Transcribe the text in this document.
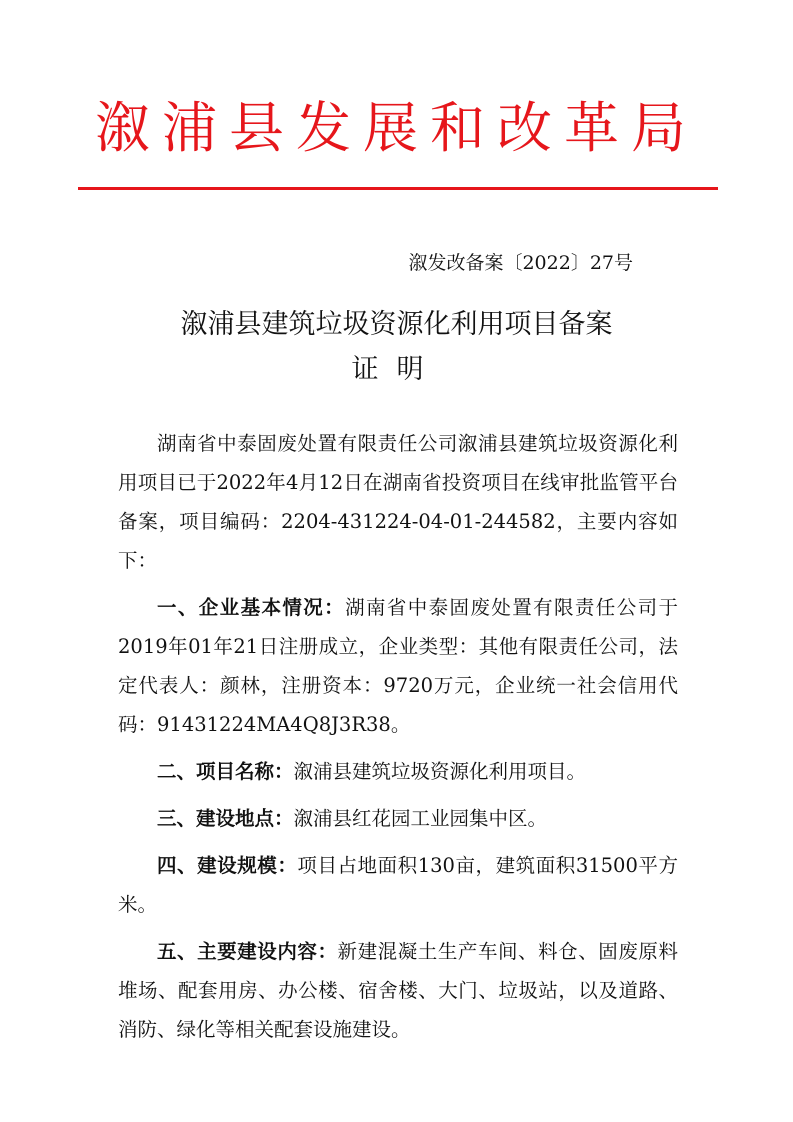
溆浦县发展和改革局
溆发改备案〔2022〕27号
溆浦县建筑垃圾资源化利用项目备案
证明

湖南省中泰固废处置有限责任公司溆浦县建筑垃圾资源化利用项目已于2022年4月12日在湖南省投资项目在线审批监管平台备案，项目编码：2204-431224-04-01-244582，主要内容如下：

一、企业基本情况：湖南省中泰固废处置有限责任公司于2019年01年21日注册成立，企业类型：其他有限责任公司，法定代表人：颜林，注册资本：9720万元，企业统一社会信用代码：91431224MA4Q8J3R38。

二、项目名称：溆浦县建筑垃圾资源化利用项目。

三、建设地点：溆浦县红花园工业园集中区。

四、建设规模：项目占地面积130亩，建筑面积31500平方米。

五、主要建设内容：新建混凝土生产车间、料仓、固废原料堆场、配套用房、办公楼、宿舍楼、大门、垃圾站，以及道路、消防、绿化等相关配套设施建设。
